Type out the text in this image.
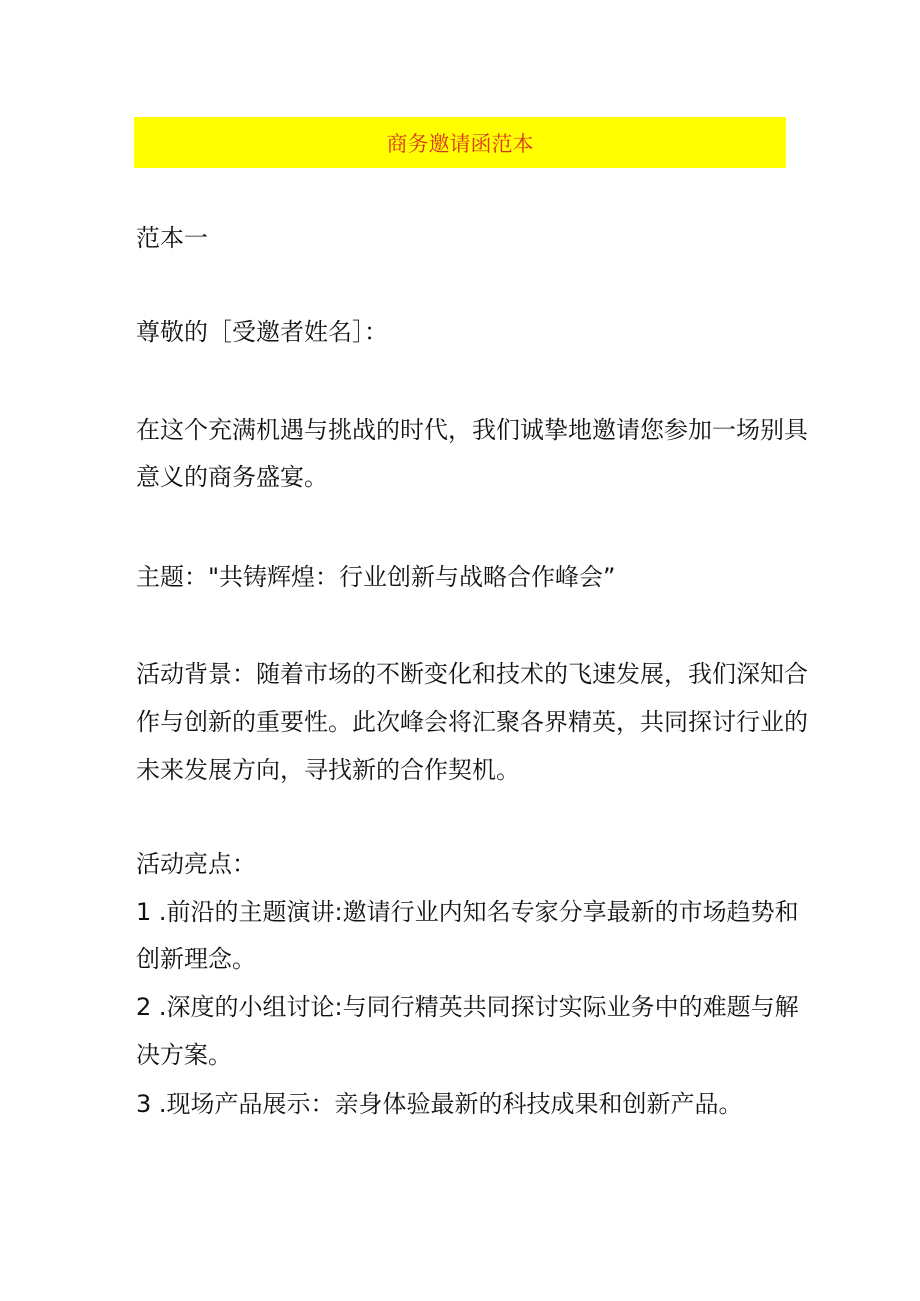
商务邀请函范本
范本一
尊敬的［受邀者姓名］：
在这个充满机遇与挑战的时代，我们诚挚地邀请您参加一场别具
意义的商务盛宴。
主题："共铸辉煌：行业创新与战略合作峰会”
活动背景：随着市场的不断变化和技术的飞速发展，我们深知合
作与创新的重要性。此次峰会将汇聚各界精英，共同探讨行业的
未来发展方向，寻找新的合作契机。
活动亮点：
1 .前沿的主题演讲:邀请行业内知名专家分享最新的市场趋势和
创新理念。
2 .深度的小组讨论:与同行精英共同探讨实际业务中的难题与解
决方案。
3 .现场产品展示：亲身体验最新的科技成果和创新产品。
